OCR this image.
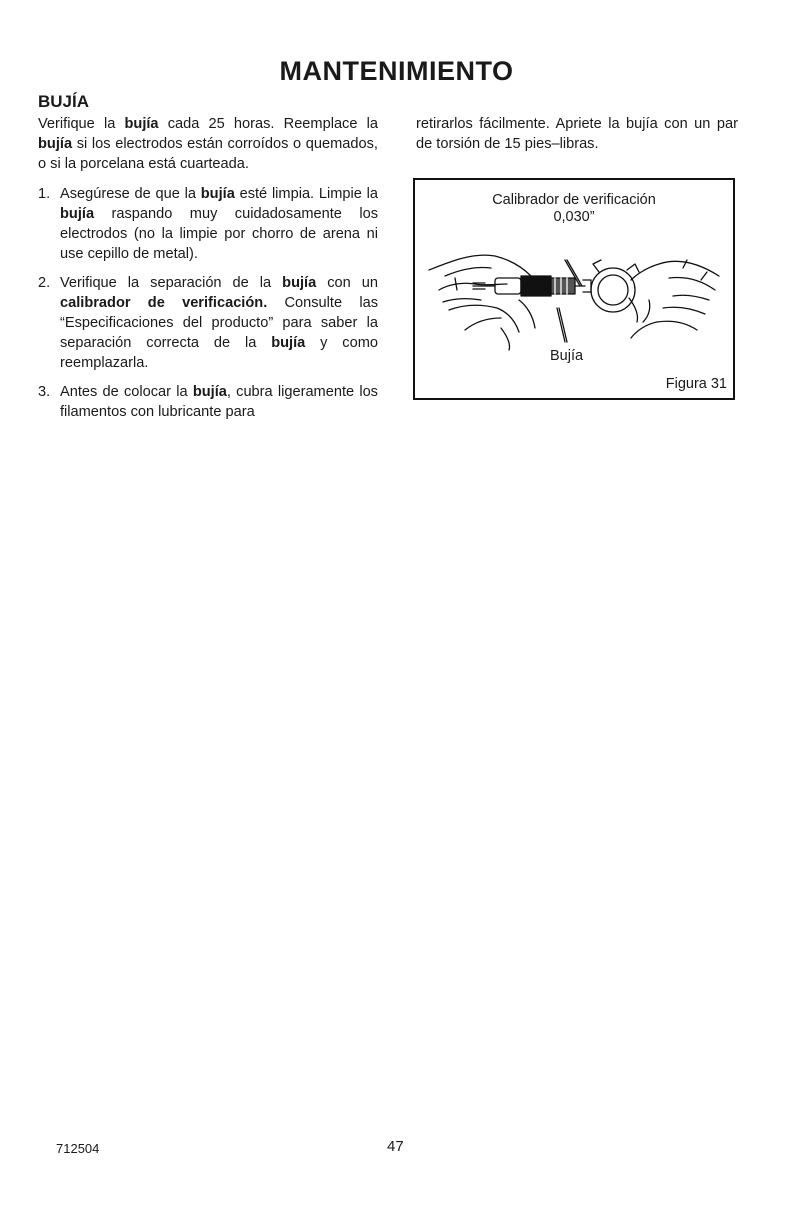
MANTENIMIENTO
BUJÍA

Verifique la bujía cada 25 horas. Reemplace la bujía si los electrodos están corroídos o quemados, o si la porcelana está cuarteada.

1. Asegúrese de que la bujía esté limpia. Limpie la bujía raspando muy cuidadosamente los electrodos (no la limpie por chorro de arena ni use cepillo de metal).
2. Verifique la separación de la bujía con un calibrador de verificación. Consulte las “Especificaciones del producto” para saber la separación correcta de la bujía y como reemplazarla.
3. Antes de colocar la bujía, cubra ligeramente los filamentos con lubricante para

retirarlos fácilmente. Apriete la bujía con un par de torsión de 15 pies–libras.

Calibrador de verificación
0,030”
Bujía
Figura 31
712504	47
